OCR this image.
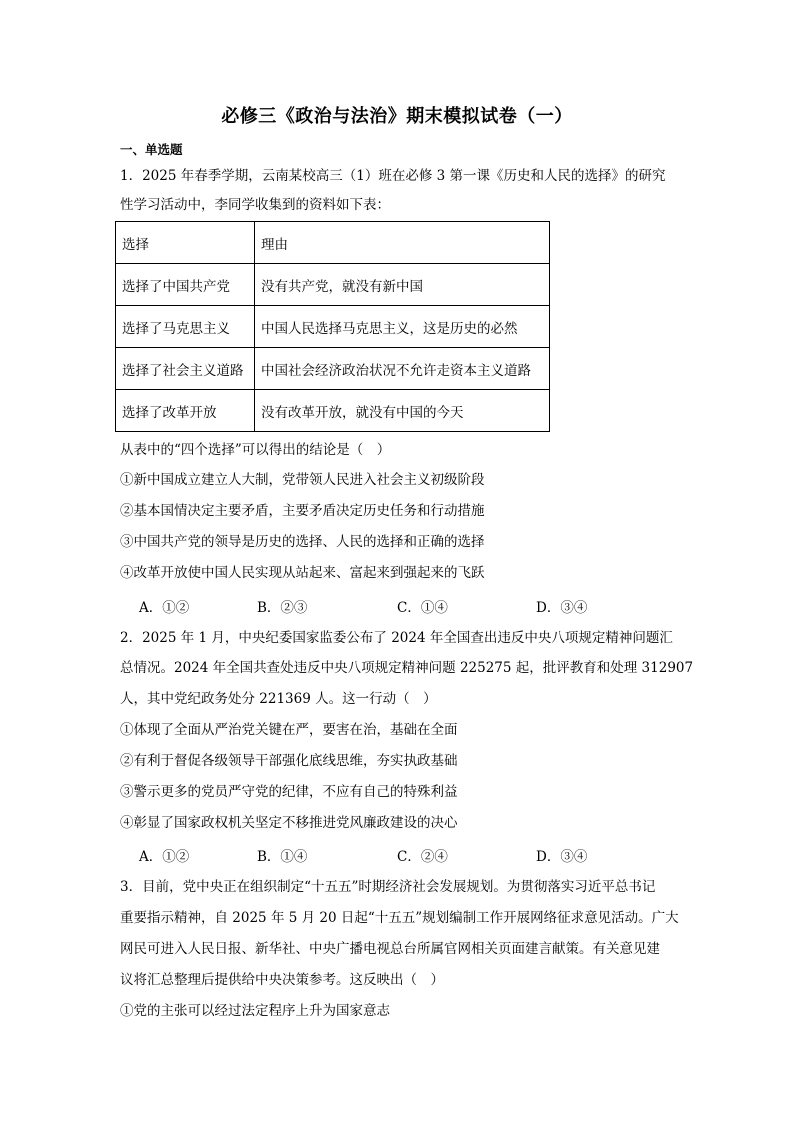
必修三《政治与法治》期末模拟试卷（一）
一、单选题
1．2025 年春季学期，云南某校高三（1）班在必修 3 第一课《历史和人民的选择》的研究
性学习活动中，李同学收集到的资料如下表：
选择	理由
选择了中国共产党	没有共产党，就没有新中国
选择了马克思主义	中国人民选择马克思主义，这是历史的必然
选择了社会主义道路	中国社会经济政治状况不允许走资本主义道路
选择了改革开放	没有改革开放，就没有中国的今天
从表中的“四个选择”可以得出的结论是（　）
①新中国成立建立人大制，党带领人民进入社会主义初级阶段
②基本国情决定主要矛盾，主要矛盾决定历史任务和行动措施
③中国共产党的领导是历史的选择、人民的选择和正确的选择
④改革开放使中国人民实现从站起来、富起来到强起来的飞跃
A．①②	B．②③	C．①④	D．③④
2．2025 年 1 月，中央纪委国家监委公布了 2024 年全国查出违反中央八项规定精神问题汇
总情况。2024 年全国共查处违反中央八项规定精神问题 225275 起，批评教育和处理 312907
人，其中党纪政务处分 221369 人。这一行动（　）
①体现了全面从严治党关键在严，要害在治，基础在全面
②有利于督促各级领导干部强化底线思维，夯实执政基础
③警示更多的党员严守党的纪律，不应有自己的特殊利益
④彰显了国家政权机关坚定不移推进党风廉政建设的决心
A．①②	B．①④	C．②④	D．③④
3．目前，党中央正在组织制定“十五五”时期经济社会发展规划。为贯彻落实习近平总书记
重要指示精神，自 2025 年 5 月 20 日起“十五五”规划编制工作开展网络征求意见活动。广大
网民可进入人民日报、新华社、中央广播电视总台所属官网相关页面建言献策。有关意见建
议将汇总整理后提供给中央决策参考。这反映出（　）
①党的主张可以经过法定程序上升为国家意志
